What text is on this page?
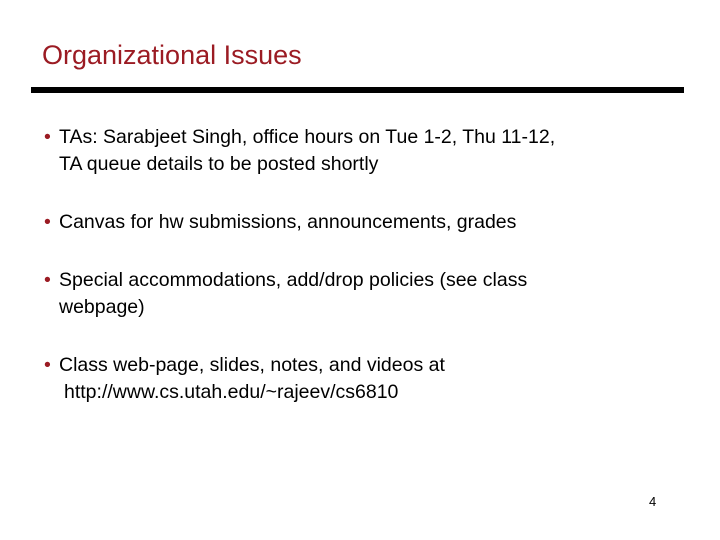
Organizational Issues
• TAs: Sarabjeet Singh, office hours on Tue 1-2, Thu 11-12,
TA queue details to be posted shortly
• Canvas for hw submissions, announcements, grades
• Special accommodations, add/drop policies (see class
webpage)
• Class web-page, slides, notes, and videos at
http://www.cs.utah.edu/~rajeev/cs6810
4
